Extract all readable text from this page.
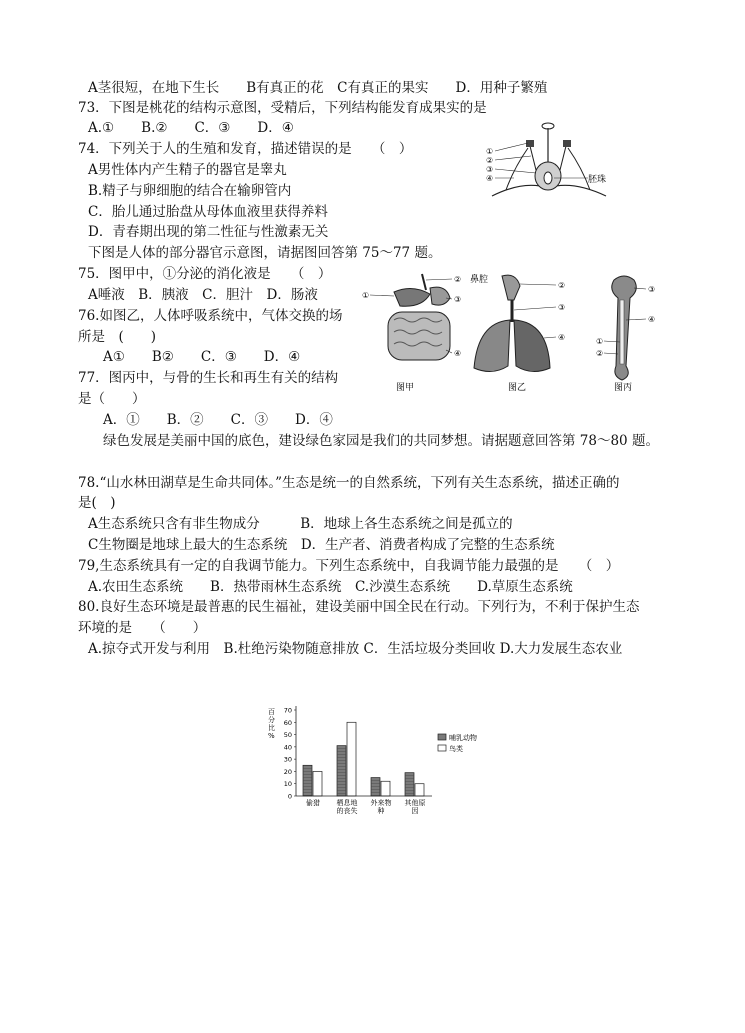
A茎很短，在地下生长　　B有真正的花　C有真正的果实　　D．用种子繁殖
73．下图是桃花的结构示意图，受精后，下列结构能发育成果实的是
A.①　　B.②　　C．③　　D．④
74．下列关于人的生殖和发育，描述错误的是　　（　）
A男性体内产生精子的器官是睾丸
B.精子与卵细胞的结合在输卵管内
C．胎儿通过胎盘从母体血液里获得养料
D．青春期出现的第二性征与性激素无关
下图是人体的部分器官示意图，请据图回答第 75～77 题。
75．图甲中，①分泌的消化液是　　（　）
A唾液　B．胰液　C．胆汁　D．肠液
76.如图乙，人体呼吸系统中，气体交换的场
所是　(　　)
A①　　B②　　C．③　　D．④
77．图丙中，与骨的生长和再生有关的结构
是（　　）
A．①　　B．②　　C．③　　D．④
绿色发展是美丽中国的底色，建设绿色家园是我们的共同梦想。请据题意回答第 78～80 题。
78.“山水林田湖草是生命共同体。”生态是统一的自然系统，下列有关生态系统，描述正确的
是(　)
A生态系统只含有非生物成分　　　B．地球上各生态系统之间是孤立的
C生物圈是地球上最大的生态系统　D．生产者、消费者构成了完整的生态系统
79,生态系统具有一定的自我调节能力。下列生态系统中，自我调节能力最强的是　　（　）
A.农田生态系统　　B．热带雨林生态系统　C.沙漠生态系统　　D.草原生态系统
80.良好生态环境是最普惠的民生福祉，建设美丽中国全民在行动。下列行为，不利于保护生态
环境的是　　（　　）
A.掠夺式开发与利用　B.杜绝污染物随意排放 C．生活垃圾分类回收 D.大力发展生态农业
①
②
③
④	胚珠
①
②
③
④
图甲
鼻腔
②
③
④
图乙
③
④
①
②
图丙
百分比%
0
10
20
30
40
50
60
70
偷猎 栖息地
的丧失
外来物
种
其他原
因
哺乳动物
鸟类
